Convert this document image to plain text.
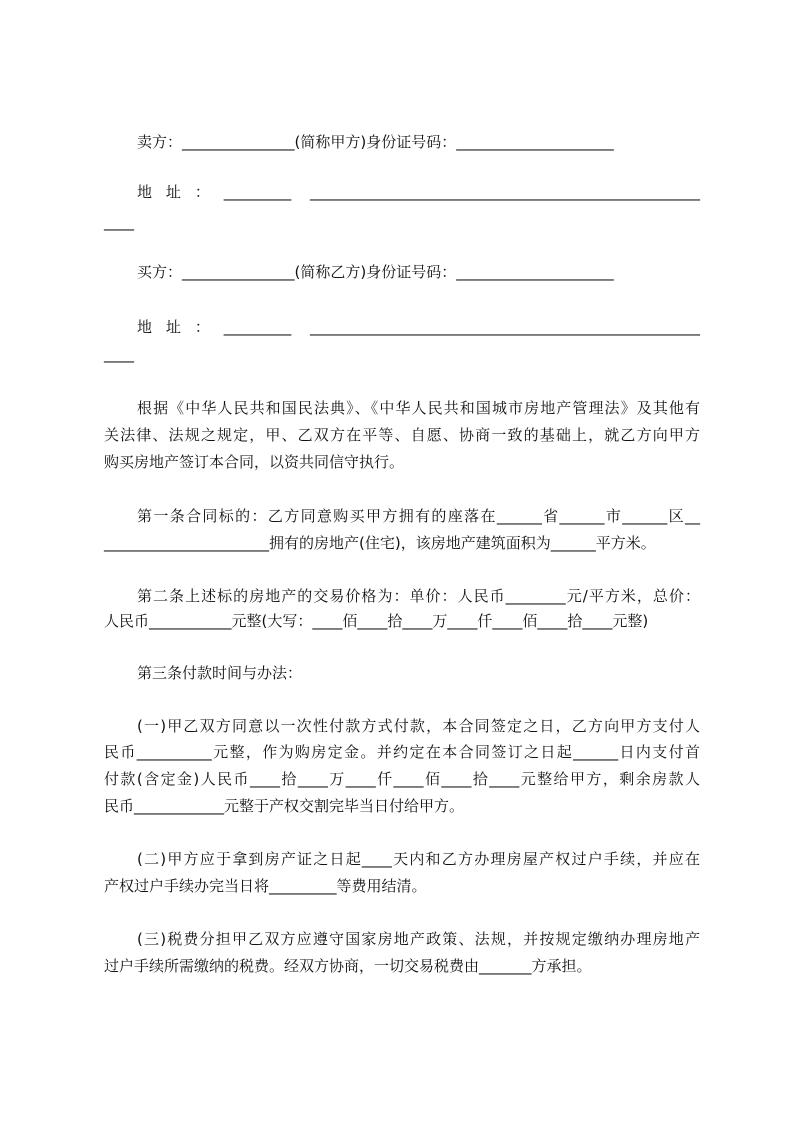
卖方：_______________(简称甲方)身份证号码：_____________________
地址：_________ ____________________________________________________
____
买方：_______________(简称乙方)身份证号码：_____________________
地址：_________ ____________________________________________________
____
根据《中华人民共和国民法典》、《中华人民共和国城市房地产管理法》及其他有
关法律、法规之规定，甲、乙双方在平等、自愿、协商一致的基础上，就乙方向甲方
购买房地产签订本合同，以资共同信守执行。
第一条合同标的：乙方同意购买甲方拥有的座落在______省______市______区__
______________________拥有的房地产(住宅)，该房地产建筑面积为______平方米。
第二条上述标的房地产的交易价格为：单价：人民币________元/平方米，总价：
人民币___________元整(大写：____佰____拾____万____仟____佰____拾____元整)
第三条付款时间与办法：
(一)甲乙双方同意以一次性付款方式付款，本合同签定之日，乙方向甲方支付人
民币__________元整，作为购房定金。并约定在本合同签订之日起______日内支付首
付款(含定金)人民币____拾____万____仟____佰____拾____元整给甲方，剩余房款人
民币____________元整于产权交割完毕当日付给甲方。
(二)甲方应于拿到房产证之日起____天内和乙方办理房屋产权过户手续，并应在
产权过户手续办完当日将_________等费用结清。
(三)税费分担甲乙双方应遵守国家房地产政策、法规，并按规定缴纳办理房地产
过户手续所需缴纳的税费。经双方协商，一切交易税费由_______方承担。
